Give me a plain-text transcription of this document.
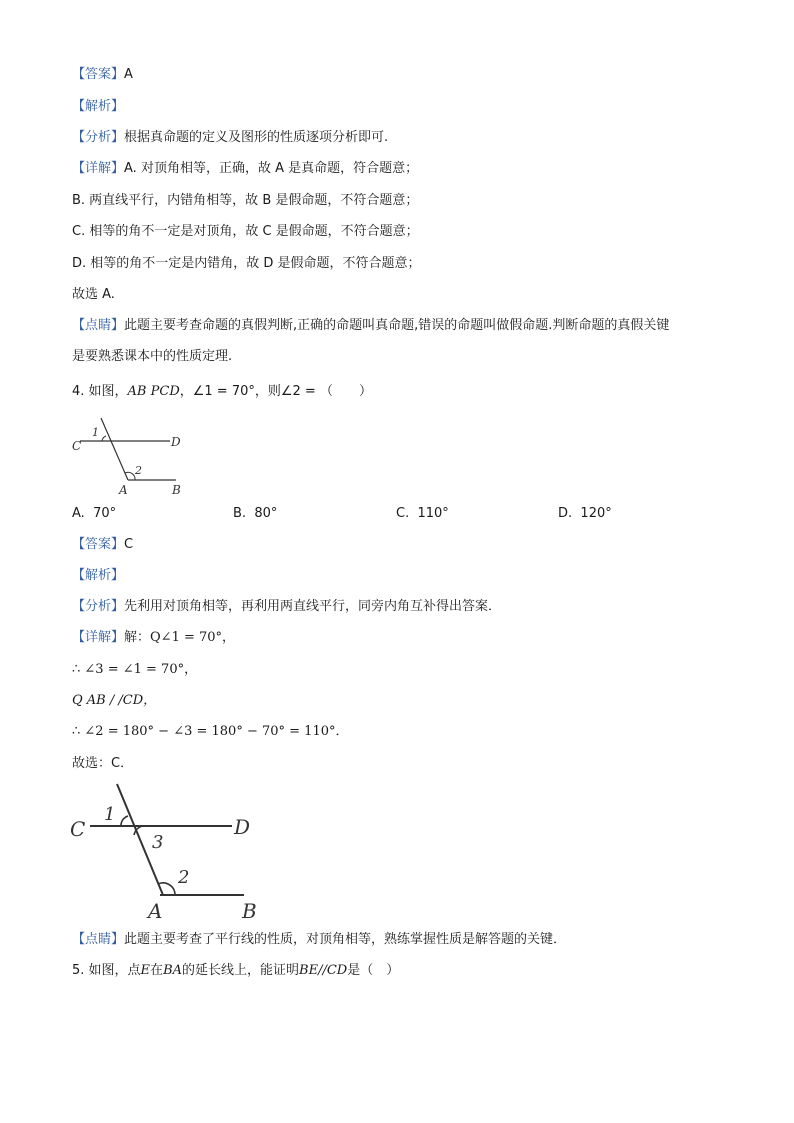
【答案】A
【解析】
【分析】根据真命题的定义及图形的性质逐项分析即可.
【详解】A. 对顶角相等，正确，故 A 是真命题，符合题意；
B. 两直线平行，内错角相等，故 B 是假命题，不符合题意；
C. 相等的角不一定是对顶角，故 C 是假命题，不符合题意；
D. 相等的角不一定是内错角，故 D 是假命题，不符合题意；
故选 A.
【点睛】此题主要考查命题的真假判断,正确的命题叫真命题,错误的命题叫做假命题.判断命题的真假关键
是要熟悉课本中的性质定理.
4. 如图，AB PCD，∠1 = 70°，则∠2 = （　　）
C	D
A	B
1
2
A. 70°	B. 80°	C. 110°	D. 120°
【答案】C
【解析】
【分析】先利用对顶角相等，再利用两直线平行，同旁内角互补得出答案．
【详解】解：Q∠1 = 70°，
∴ ∠3 = ∠1 = 70°，
Q AB / /CD，
∴ ∠2 = 180° − ∠3 = 180° − 70° = 110°．
故选：C．
C	D
A	B
1
3
2
【点睛】此题主要考查了平行线的性质，对顶角相等，熟练掌握性质是解答题的关键．
5. 如图，点E在BA的延长线上，能证明BE//CD是（　）
